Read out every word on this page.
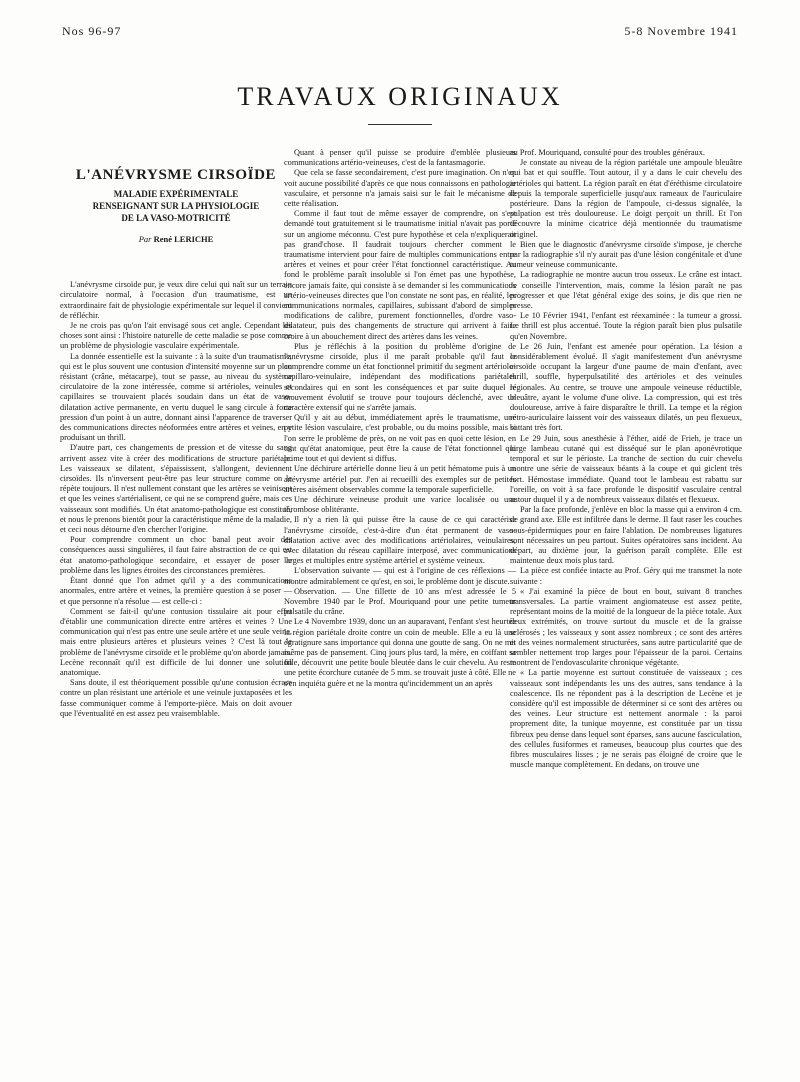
Nos 96-97	5-8 Novembre 1941
TRAVAUX ORIGINAUX
L'ANÉVRYSME CIRSOÏDE
MALADIE EXPÉRIMENTALE
RENSEIGNANT SUR LA PHYSIOLOGIE
DE LA VASO-MOTRICITÉ
Par René LERICHE

L'anévrysme cirsoïde pur, je veux dire celui qui naît sur un terrain circulatoire normal, à l'occasion d'un traumatisme, est un extraordinaire fait de physiologie expérimentale sur lequel il convient de réfléchir.

Je ne crois pas qu'on l'ait envisagé sous cet angle. Cependant les choses sont ainsi : l'histoire naturelle de cette maladie se pose comme un problème de physiologie vasculaire expérimentale.

La donnée essentielle est la suivante : à la suite d'un traumatisme, qui est le plus souvent une contusion d'intensité moyenne sur un plan résistant (crâne, métacarpe), tout se passe, au niveau du système circulatoire de la zone intéressée, comme si artérioles, veinules et capillaires se trouvaient placés soudain dans un état de vaso-dilatation active permanente, en vertu duquel le sang circule à forte pression d'un point à un autre, donnant ainsi l'apparence de traverser des communications directes néoformées entre artères et veines, en y produisant un thrill.

D'autre part, ces changements de pression et de vitesse du sang arrivent assez vite à créer des modifications de structure pariétale. Les vaisseaux se dilatent, s'épaississent, s'allongent, deviennent cirsoïdes. Ils n'inversent peut-être pas leur structure comme on le répète toujours. Il n'est nullement constant que les artères se veinisent et que les veines s'artérialisent, ce qui ne se comprend guère, mais ces vaisseaux sont modifiés. Un état anatomo-pathologique est constitué, et nous le prenons bientôt pour la caractéristique même de la maladie, et ceci nous détourne d'en chercher l'origine.

Pour comprendre comment un choc banal peut avoir des conséquences aussi singulières, il faut faire abstraction de ce qui est état anatomo-pathologique secondaire, et essayer de poser le problème dans les lignes étroites des circonstances premières.

Étant donné que l'on admet qu'il y a des communications anormales, entre artère et veines, la première question à se poser — et que personne n'a résolue — est celle-ci :

Comment se fait-il qu'une contusion tissulaire ait pour effet d'établir une communication directe entre artères et veines ? Une communication qui n'est pas entre une seule artère et une seule veine, mais entre plusieurs artères et plusieurs veines ? C'est là tout le problème de l'anévrysme cirsoïde et le problème qu'on aborde jamais. Lecène reconnaît qu'il est difficile de lui donner une solution anatomique.

Sans doute, il est théoriquement possible qu'une contusion écrase contre un plan résistant une artériole et une veinule juxtaposées et les fasse communiquer comme à l'emporte-pièce. Mais on doit avouer que l'éventualité en est assez peu vraisemblable.

Quant à penser qu'il puisse se produire d'emblée plusieurs communications artério-veineuses, c'est de la fantasmagorie.

Que cela se fasse secondairement, c'est pure imagination. On n'en voit aucune possibilité d'après ce que nous connaissons en pathologie vasculaire, et personne n'a jamais saisi sur le fait le mécanisme de cette réalisation.

Comme il faut tout de même essayer de comprendre, on s'est demandé tout gratuitement si le traumatisme initial n'avait pas porté sur un angiome méconnu. C'est pure hypothèse et cela n'expliquerait pas grand'chose. Il faudrait toujours chercher comment le traumatisme intervient pour faire de multiples communications entre artères et veines et pour créer l'état fonctionnel caractéristique. Au fond le problème paraît insoluble si l'on émet pas une hypothèse, encore jamais faite, qui consiste à se demander si les communications artério-veineuses directes que l'on constate ne sont pas, en réalité, les communications normales, capillaires, subissant d'abord de simples modifications de calibre, purement fonctionnelles, d'ordre vaso-dilatateur, puis des changements de structure qui arrivent à faire croire à un abouchement direct des artères dans les veines.

Plus je réfléchis à la position du problème d'origine de l'anévrysme cirsoïde, plus il me paraît probable qu'il faut le comprendre comme un état fonctionnel primitif du segment artériolo-capillaro-veinulaire, indépendant des modifications pariétales secondaires qui en sont les conséquences et par suite duquel le mouvement évolutif se trouve pour toujours déclenché, avec un caractère extensif qui ne s'arrête jamais.

Qu'il y ait au début, immédiatement après le traumatisme, une petite lésion vasculaire, c'est probable, ou du moins possible, mais si l'on serre le problème de près, on ne voit pas en quoi cette lésion, en tant qu'état anatomique, peut être la cause de l'état fonctionnel qui prime tout et qui devient si diffus.

Une déchirure artérielle donne lieu à un petit hématome puis à un anévrysme artériel pur. J'en ai recueilli des exemples sur de petites artères aisément observables comme la temporale superficielle.

Une déchirure veineuse produit une varice localisée ou une thrombose oblitérante.

Il n'y a rien là qui puisse être la cause de ce qui caractérise l'anévrysme cirsoïde, c'est-à-dire d'un état permanent de vaso-dilatation active avec des modifications artériolaires, veinulaires, avec dilatation du réseau capillaire interposé, avec communications larges et multiples entre système artériel et système veineux.

L'observation suivante — qui est à l'origine de ces réflexions — montre admirablement ce qu'est, en soi, le problème dont je discute.

Observation. — Une fillette de 10 ans m'est adressée le 5 Novembre 1940 par le Prof. Mouriquand pour une petite tumeur pulsatile du crâne.

Le 4 Novembre 1939, donc un an auparavant, l'enfant s'est heurtée la région pariétale droite contre un coin de meuble. Elle a eu là une égratignure sans importance qui donna une goutte de sang. On ne mit même pas de pansement. Cinq jours plus tard, la mère, en coiffant sa fille, découvrit une petite boule bleutée dans le cuir chevelu. Au reste une petite écorchure cutanée de 5 mm. se trouvait juste à côté. Elle ne s'en inquiéta guère et ne la montra qu'incidemment un an après

au Prof. Mouriquand, consulté pour des troubles généraux.

Je constate au niveau de la région pariétale une ampoule bleuâtre qui bat et qui souffle. Tout autour, il y a dans le cuir chevelu des artérioles qui battent. La région paraît en état d'éréthisme circulatoire depuis la temporale superficielle jusqu'aux rameaux de l'auriculaire postérieure. Dans la région de l'ampoule, ci-dessus signalée, la palpation est très douloureuse. Le doigt perçoit un thrill. Et l'on découvre la minime cicatrice déjà mentionnée du traumatisme originel.

Bien que le diagnostic d'anévrysme cirsoïde s'impose, je cherche par la radiographie s'il n'y aurait pas d'une lésion congénitale et d'une tumeur veineuse communicante.

La radiographie ne montre aucun trou osseux. Le crâne est intact. Je conseille l'intervention, mais, comme la lésion paraît ne pas progresser et que l'état général exige des soins, je dis que rien ne presse.

Le 10 Février 1941, l'enfant est réexaminée : la tumeur a grossi. Le thrill est plus accentué. Toute la région paraît bien plus pulsatile qu'en Novembre.

Le 26 Juin, l'enfant est amenée pour opération. La lésion a considérablement évolué. Il s'agit manifestement d'un anévrysme cirsoïde occupant la largeur d'une paume de main d'enfant, avec thrill, souffle, hyperpulsatilité des artérioles et des veinules régionales. Au centre, se trouve une ampoule veineuse réductible, bleuâtre, ayant le volume d'une olive. La compression, qui est très douloureuse, arrive à faire disparaître le thrill. La tempe et la région rétro-auriculaire laissent voir des vaisseaux dilatés, un peu flexueux, battant très fort.

Le 29 Juin, sous anesthésie à l'éther, aidé de Frieh, je trace un large lambeau cutané qui est disséqué sur le plan aponévrotique temporal et sur le périoste. La tranche de section du cuir chevelu montre une série de vaisseaux béants à la coupe et qui giclent très fort. Hémostase immédiate. Quand tout le lambeau est rabattu sur l'oreille, on voit à sa face profonde le dispositif vasculaire central autour duquel il y a de nombreux vaisseaux dilatés et flexueux.

Par la face profonde, j'enlève en bloc la masse qui a environ 4 cm. de grand axe. Elle est infiltrée dans le derme. Il faut raser les couches sous-épidermiques pour en faire l'ablation. De nombreuses ligatures sont nécessaires un peu partout. Suites opératoires sans incident. Au départ, au dixième jour, la guérison paraît complète. Elle est maintenue deux mois plus tard.

La pièce est confiée intacte au Prof. Géry qui me transmet la note suivante :

« J'ai examiné la pièce de bout en bout, suivant 8 tranches transversales. La partie vraiment angiomateuse est assez petite, représentant moins de la moitié de la longueur de la pièce totale. Aux deux extrémités, on trouve surtout du muscle et de la graisse sclérosés ; les vaisseaux y sont assez nombreux ; ce sont des artères et des veines normalement structurées, sans autre particularité que de sembler nettement trop larges pour l'épaisseur de la paroi. Certains montrent de l'endovascularite chronique végétante.

« La partie moyenne est surtout constituée de vaisseaux ; ces vaisseaux sont indépendants les uns des autres, sans tendance à la coalescence. Ils ne répondent pas à la description de Lecène et je considère qu'il est impossible de déterminer si ce sont des artères ou des veines. Leur structure est nettement anormale : la paroi proprement dite, la tunique moyenne, est constituée par un tissu fibreux peu dense dans lequel sont éparses, sans aucune fasciculation, des cellules fusiformes et rameuses, beaucoup plus courtes que des fibres musculaires lisses ; je ne serais pas éloigné de croire que le muscle manque complètement. En dedans, on trouve une
